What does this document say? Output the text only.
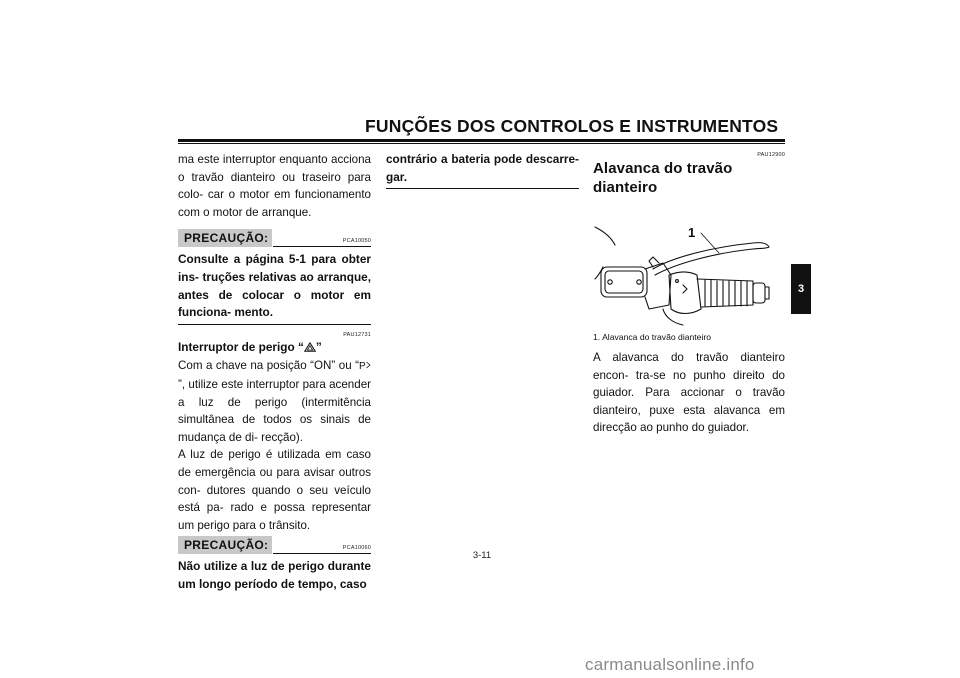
FUNÇÕES DOS CONTROLOS E INSTRUMENTOS

ma este interruptor enquanto acciona o travão dianteiro ou traseiro para colo- car o motor em funcionamento com o motor de arranque.

PRECAUÇÃO:	PCA10050

Consulte a página 5-1 para obter ins- truções relativas ao arranque, antes de colocar o motor em funciona- mento.

PAU12731

Interruptor de perigo “ ”

Com a chave na posição “ON” ou “ P
”, utilize este interruptor para acender a luz de perigo (intermitência simultânea de todos os sinais de mudança de di- recção).

A luz de perigo é utilizada em caso de emergência ou para avisar outros con- dutores quando o seu veículo está pa- rado e possa representar um perigo para o trânsito.

PRECAUÇÃO:	PCA10060

Não utilize a luz de perigo durante um longo período de tempo, caso

contrário a bateria pode descarre- gar.

PAU12900

Alavanca do travão dianteiro

1
1. Alavanca do travão dianteiro

A alavanca do travão dianteiro encon- tra-se no punho direito do guiador. Para accionar o travão dianteiro, puxe esta alavanca em direcção ao punho do guiador.

3
3-11
carmanualsonline.info
